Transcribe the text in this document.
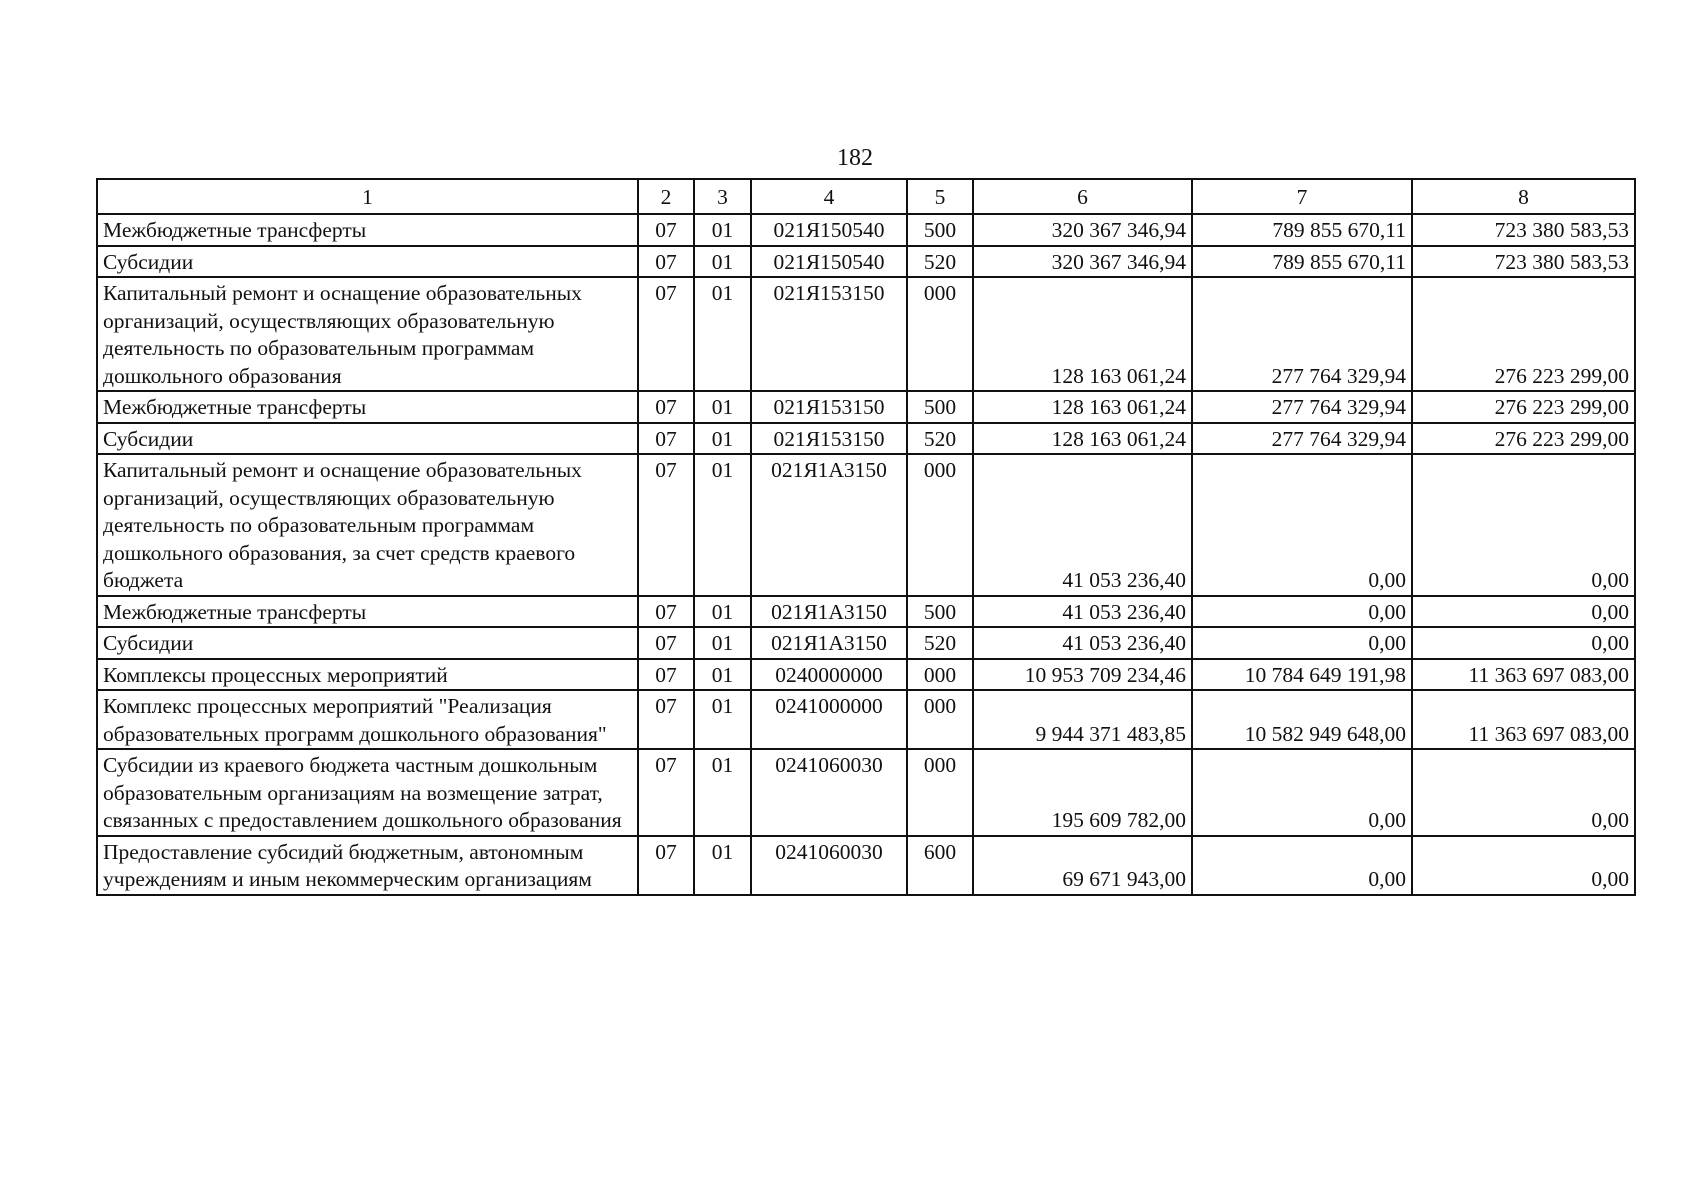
182
1	2	3	4	5	6	7	8
Межбюджетные трансферты	07	01	021Я150540	500	320 367 346,94	789 855 670,11	723 380 583,53
Субсидии	07	01	021Я150540	520	320 367 346,94	789 855 670,11	723 380 583,53
Капитальный ремонт и оснащение образовательных организаций, осуществляющих образовательную деятельность по образовательным программам дошкольного образования	07	01	021Я153150	000	128 163 061,24	277 764 329,94	276 223 299,00
Межбюджетные трансферты	07	01	021Я153150	500	128 163 061,24	277 764 329,94	276 223 299,00
Субсидии	07	01	021Я153150	520	128 163 061,24	277 764 329,94	276 223 299,00
Капитальный ремонт и оснащение образовательных организаций, осуществляющих образовательную деятельность по образовательным программам дошкольного образования, за счет средств краевого бюджета	07	01	021Я1А3150	000	41 053 236,40	0,00	0,00
Межбюджетные трансферты	07	01	021Я1А3150	500	41 053 236,40	0,00	0,00
Субсидии	07	01	021Я1А3150	520	41 053 236,40	0,00	0,00
Комплексы процессных мероприятий	07	01	0240000000	000	10 953 709 234,46	10 784 649 191,98	11 363 697 083,00
Комплекс процессных мероприятий "Реализация образовательных программ дошкольного образования"	07	01	0241000000	000	9 944 371 483,85	10 582 949 648,00	11 363 697 083,00
Субсидии из краевого бюджета частным дошкольным образовательным организациям на возмещение затрат, связанных с предоставлением дошкольного образования	07	01	0241060030	000	195 609 782,00	0,00	0,00
Предоставление субсидий бюджетным, автономным учреждениям и иным некоммерческим организациям	07	01	0241060030	600	69 671 943,00	0,00	0,00
